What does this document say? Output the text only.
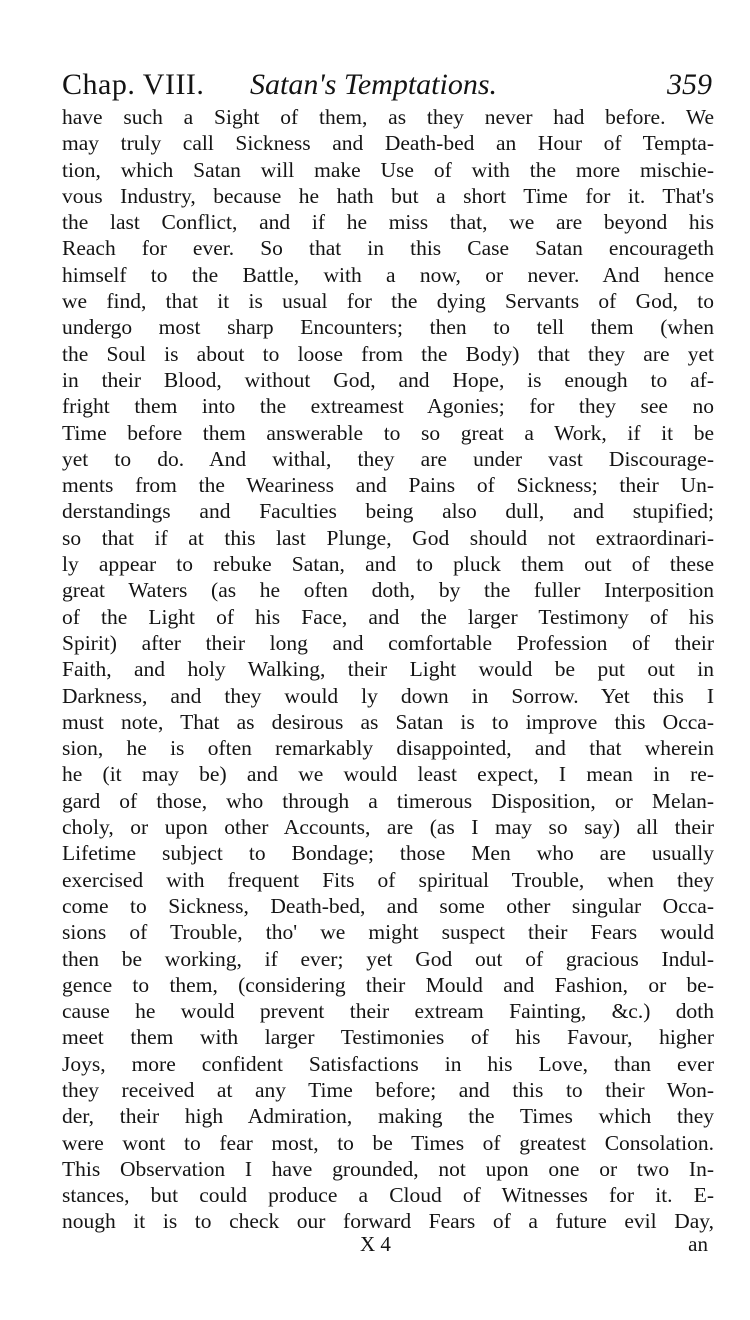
Chap. VIII. Satan's Temptations.	359
have such a Sight of them, as they never had before. We
may truly call Sickness and Death-bed an Hour of Tempta-
tion, which Satan will make Use of with the more mischie-
vous Industry, because he hath but a short Time for it. That's
the last Conflict, and if he miss that, we are beyond his
Reach for ever. So that in this Case Satan encourageth
himself to the Battle, with a now, or never. And hence
we find, that it is usual for the dying Servants of God, to
undergo most sharp Encounters; then to tell them (when
the Soul is about to loose from the Body) that they are yet
in their Blood, without God, and Hope, is enough to af-
fright them into the extreamest Agonies; for they see no
Time before them answerable to so great a Work, if it be
yet to do. And withal, they are under vast Discourage-
ments from the Weariness and Pains of Sickness; their Un-
derstandings and Faculties being also dull, and stupified;
so that if at this last Plunge, God should not extraordinari-
ly appear to rebuke Satan, and to pluck them out of these
great Waters (as he often doth, by the fuller Interposition
of the Light of his Face, and the larger Testimony of his
Spirit) after their long and comfortable Profession of their
Faith, and holy Walking, their Light would be put out in
Darkness, and they would ly down in Sorrow. Yet this I
must note, That as desirous as Satan is to improve this Occa-
sion, he is often remarkably disappointed, and that wherein
he (it may be) and we would least expect, I mean in re-
gard of those, who through a timerous Disposition, or Melan-
choly, or upon other Accounts, are (as I may so say) all their
Lifetime subject to Bondage; those Men who are usually
exercised with frequent Fits of spiritual Trouble, when they
come to Sickness, Death-bed, and some other singular Occa-
sions of Trouble, tho' we might suspect their Fears would
then be working, if ever; yet God out of gracious Indul-
gence to them, (considering their Mould and Fashion, or be-
cause he would prevent their extream Fainting, &c.) doth
meet them with larger Testimonies of his Favour, higher
Joys, more confident Satisfactions in his Love, than ever
they received at any Time before; and this to their Won-
der, their high Admiration, making the Times which they
were wont to fear most, to be Times of greatest Consolation.
This Observation I have grounded, not upon one or two In-
stances, but could produce a Cloud of Witnesses for it. E-
nough it is to check our forward Fears of a future evil Day,
X 4	an
